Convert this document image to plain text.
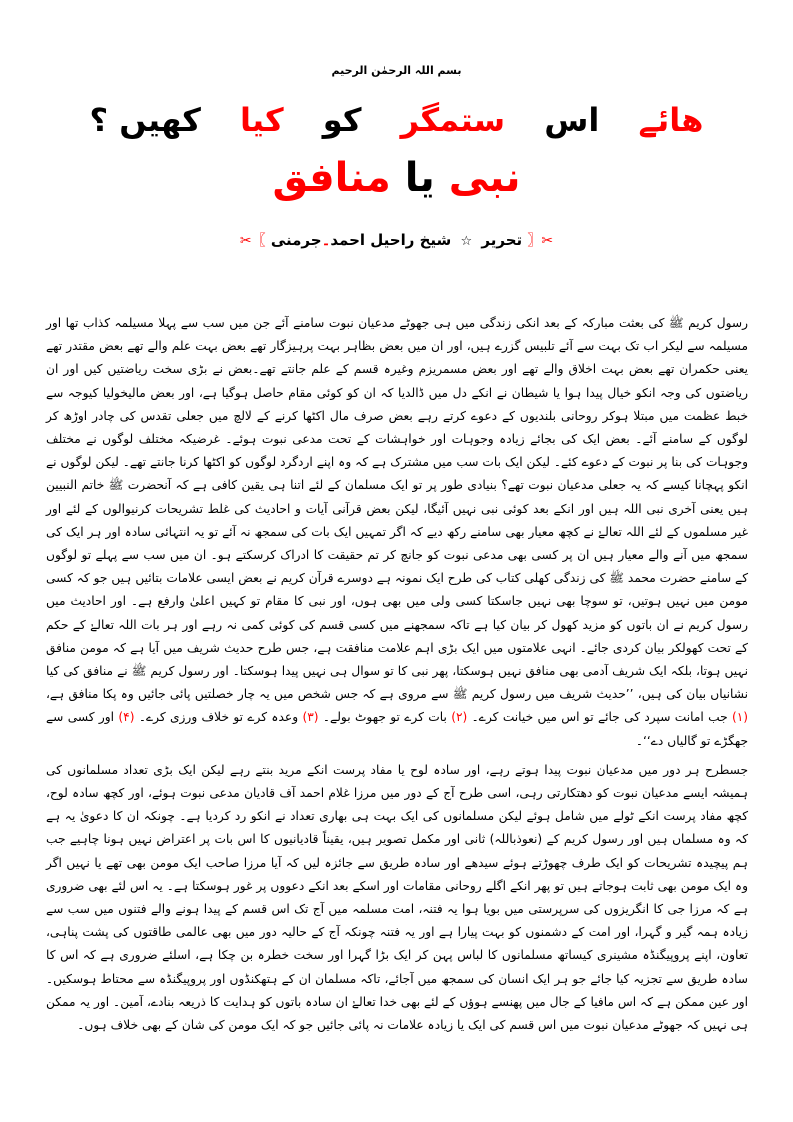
بسم اللہ الرحمٰن الرحیم
ھائے اس ستمگر کو کیا کھیں ؟
نبی یا منافق
✂〖 تحریر ☆ شیخ راحیل احمد۔جرمنی 〗✂

رسول کریم ﷺ کی بعثت مبارکہ کے بعد انکی زندگی میں ہی جھوٹے مدعیان نبوت سامنے آئے جن میں سب سے پہلا مسیلمہ کذاب تھا اور مسیلمہ سے لیکر اب تک بہت سے آئے تلبیس گزرے ہیں، اور ان میں بعض بظاہر بہت پرہیزگار تھے بعض بہت علم والے تھے بعض مقتدر تھے یعنی حکمران تھے بعض بہت اخلاق والے تھے اور بعض مسمریزم وغیرہ قسم کے علم جانتے تھے۔بعض نے بڑی سخت ریاضتیں کیں اور ان ریاضتوں کی وجہ انکو خیال پیدا ہوا یا شیطان نے انکے دل میں ڈالدیا کہ ان کو کوئی مقام حاصل ہوگیا ہے، اور بعض مالیخولیا کیوجہ سے خبط عظمت میں مبتلا ہوکر روحانی بلندیوں کے دعوے کرتے رہے بعض صرف مال اکٹھا کرنے کے لالچ میں جعلی تقدس کی چادر اوڑھ کر لوگوں کے سامنے آئے۔ بعض ایک کی بجائے زیادہ وجوہات اور خواہشات کے تحت مدعی نبوت ہوئے۔ غرضیکہ مختلف لوگوں نے مختلف وجوہات کی بنا پر نبوت کے دعوے کئے۔ لیکن ایک بات سب میں مشترک ہے کہ وہ اپنے اردگرد لوگوں کو اکٹھا کرنا جانتے تھے۔ لیکن لوگوں نے انکو پہچانا کیسے کہ یہ جعلی مدعیان نبوت تھے؟ بنیادی طور پر تو ایک مسلمان کے لئے اتنا ہی یقین کافی ہے کہ آنحضرت ﷺ خاتم النبیین ہیں یعنی آخری نبی اللہ ہیں اور انکے بعد کوئی نبی نہیں آئیگا، لیکن بعض قرآنی آیات و احادیث کی غلط تشریحات کرنیوالوں کے لئے اور غیر مسلموں کے لئے اللہ تعالےٰ نے کچھ معیار بھی سامنے رکھ دیے کہ اگر تمہیں ایک بات کی سمجھ نہ آئے تو یہ انتہائی سادہ اور ہر ایک کی سمجھ میں آنے والے معیار ہیں ان پر کسی بھی مدعی نبوت کو جانچ کر تم حقیقت کا ادراک کرسکتے ہو۔ ان میں سب سے پہلے تو لوگوں کے سامنے حضرت محمد ﷺ کی زندگی کھلی کتاب کی طرح ایک نمونہ ہے دوسرے قرآن کریم نے بعض ایسی علامات بتائیں ہیں جو کہ کسی مومن میں نہیں ہوتیں، تو سوچا بھی نہیں جاسکتا کسی ولی میں بھی ہوں، اور نبی کا مقام تو کہیں اعلیٰ وارفع ہے۔ اور احادیث میں رسول کریم نے ان باتوں کو مزید کھول کر بیان کیا ہے تاکہ سمجھنے میں کسی قسم کی کوئی کمی نہ رہے اور ہر بات اللہ تعالےٰ کے حکم کے تحت کھولکر بیان کردی جائے۔ انہی علامتوں میں ایک بڑی اہم علامت منافقت ہے، جس طرح حدیث شریف میں آیا ہے کہ مومن منافق نہیں ہوتا، بلکہ ایک شریف آدمی بھی منافق نہیں ہوسکتا، پھر نبی کا تو سوال ہی نہیں پیدا ہوسکتا۔ اور رسول کریم ﷺ نے منافق کی کیا نشانیاں بیان کی ہیں، ’’حدیث شریف میں رسول کریم ﷺ سے مروی ہے کہ جس شخص میں یہ چار خصلتیں پائی جائیں وہ پکا منافق ہے، (۱) جب امانت سپرد کی جائے تو اس میں خیانت کرے۔ (۲) بات کرے تو جھوٹ بولے۔ (۳) وعدہ کرے تو خلاف ورزی کرے۔ (۴) اور کسی سے جھگڑے تو گالیاں دے‘‘۔

جسطرح ہر دور میں مدعیان نبوت پیدا ہوتے رہے، اور سادہ لوح یا مفاد پرست انکے مرید بنتے رہے لیکن ایک بڑی تعداد مسلمانوں کی ہمیشہ ایسے مدعیان نبوت کو دھتکارتی رہی، اسی طرح آج کے دور میں مرزا غلام احمد آف قادیان مدعی نبوت ہوئے، اور کچھ سادہ لوح، کچھ مفاد پرست انکے ٹولے میں شامل ہوئے لیکن مسلمانوں کی ایک بہت ہی بھاری تعداد نے انکو رد کردیا ہے۔ چونکہ ان کا دعویٰ یہ ہے کہ وہ مسلماں ہیں اور رسول کریم کے (نعوذباللہ) ثانی اور مکمل تصویر ہیں، یقیناً قادیانیوں کا اس بات پر اعتراض نہیں ہونا چاہیے جب ہم پیچیدہ تشریحات کو ایک طرف چھوڑتے ہوئے سیدھے اور سادہ طریق سے جائزہ لیں کہ آیا مرزا صاحب ایک مومن بھی تھے یا نہیں اگر وہ ایک مومن بھی ثابت ہوجاتے ہیں تو پھر انکے اگلے روحانی مقامات اور اسکے بعد انکے دعووں پر غور ہوسکتا ہے۔ یہ اس لئے بھی ضروری ہے کہ مرزا جی کا انگریزوں کی سرپرستی میں بویا ہوا یہ فتنہ، امت مسلمہ میں آج تک اس قسم کے پیدا ہونے والے فتنوں میں سب سے زیادہ ہمہ گیر و گہرا، اور امت کے دشمنوں کو بہت پیارا ہے اور یہ فتنہ چونکہ آج کے حالیہ دور میں بھی عالمی طاقتوں کی پشت پناہی، تعاون، اپنے پروپیگنڈہ مشینری کیساتھ مسلمانوں کا لباس پہن کر ایک بڑا گہرا اور سخت خطرہ بن چکا ہے، اسلئے ضروری ہے کہ اس کا سادہ طریق سے تجزیہ کیا جائے جو ہر ایک انسان کی سمجھ میں آجائے، تاکہ مسلمان ان کے ہتھکنڈوں اور پروپیگنڈہ سے محتاط ہوسکیں۔ اور عین ممکن ہے کہ اس مافیا کے جال میں پھنسے ہوؤں کے لئے بھی خدا تعالےٰ ان سادہ باتوں کو ہدایت کا ذریعہ بنادے، آمین۔ اور یہ ممکن ہی نہیں کہ جھوٹے مدعیان نبوت میں اس قسم کی ایک یا زیادہ علامات نہ پائی جائیں جو کہ ایک مومن کی شان کے بھی خلاف ہوں۔
